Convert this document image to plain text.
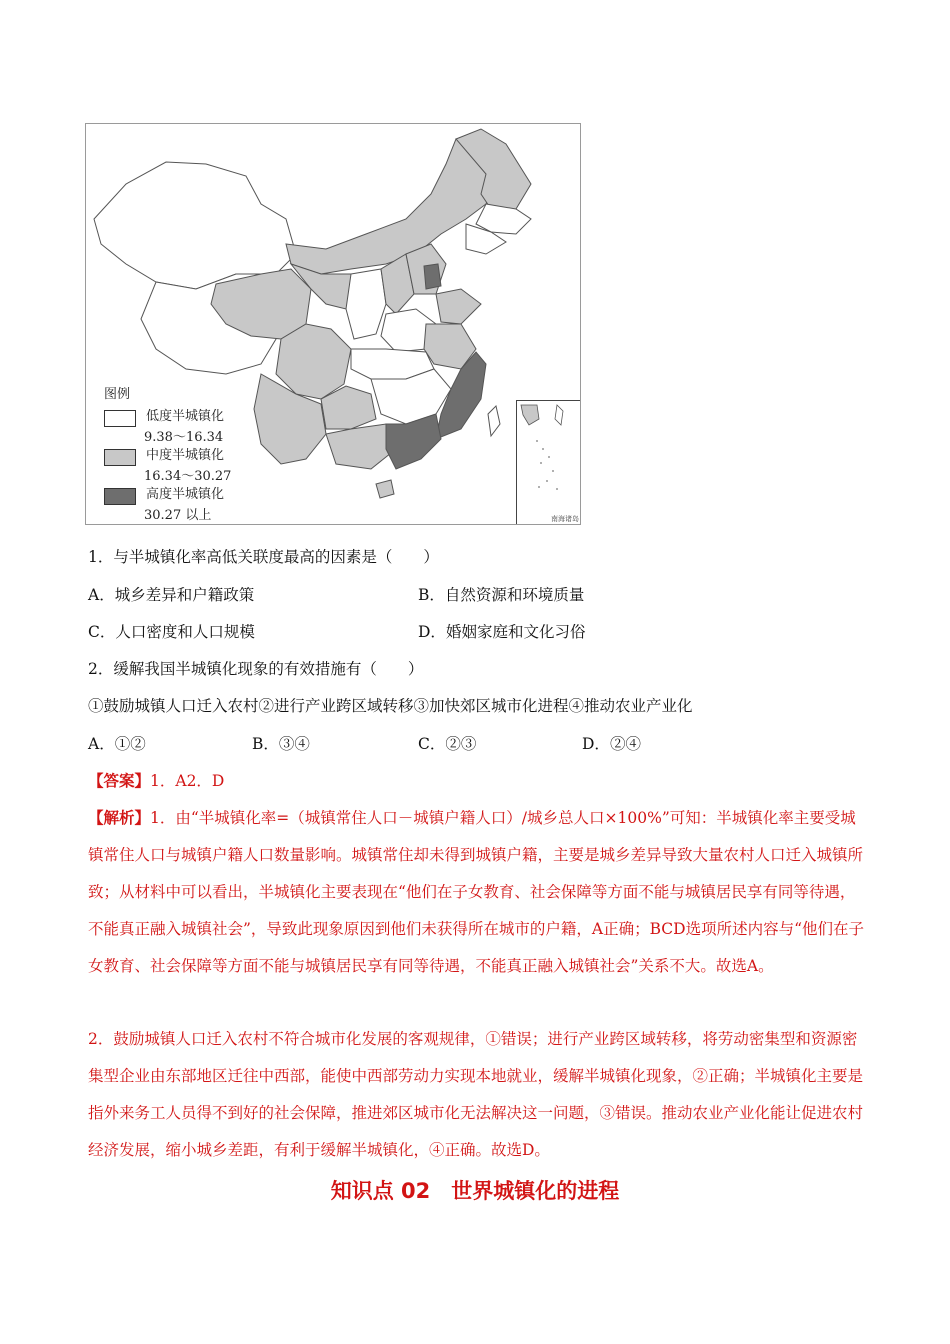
图例
低度半城镇化
9.38～16.34
中度半城镇化
16.34～30.27
高度半城镇化
30.27 以上	南海诸岛
1．与半城镇化率高低关联度最高的因素是（　　）
A．城乡差异和户籍政策	B．自然资源和环境质量
C．人口密度和人口规模	D．婚姻家庭和文化习俗
2．缓解我国半城镇化现象的有效措施有（　　）
①鼓励城镇人口迁入农村②进行产业跨区域转移③加快郊区城市化进程④推动农业产业化
A．①②	B．③④	C．②③	D．②④
【答案】1．A2．D
【解析】1．由“半城镇化率=（城镇常住人口－城镇户籍人口）/城乡总人口×100%”可知：半城镇化率主要受城镇常住人口与城镇户籍人口数量影响。城镇常住却未得到城镇户籍，主要是城乡差异导致大量农村人口迁入城镇所致；从材料中可以看出，半城镇化主要表现在“他们在子女教育、社会保障等方面不能与城镇居民享有同等待遇，不能真正融入城镇社会”，导致此现象原因到他们未获得所在城市的户籍，A正确；BCD选项所述内容与“他们在子女教育、社会保障等方面不能与城镇居民享有同等待遇，不能真正融入城镇社会”关系不大。故选A。
2．鼓励城镇人口迁入农村不符合城市化发展的客观规律，①错误；进行产业跨区域转移，将劳动密集型和资源密集型企业由东部地区迁往中西部，能使中西部劳动力实现本地就业，缓解半城镇化现象，②正确；半城镇化主要是指外来务工人员得不到好的社会保障，推进郊区城市化无法解决这一问题，③错误。推动农业产业化能让促进农村经济发展，缩小城乡差距，有利于缓解半城镇化，④正确。故选D。
知识点 02　世界城镇化的进程
